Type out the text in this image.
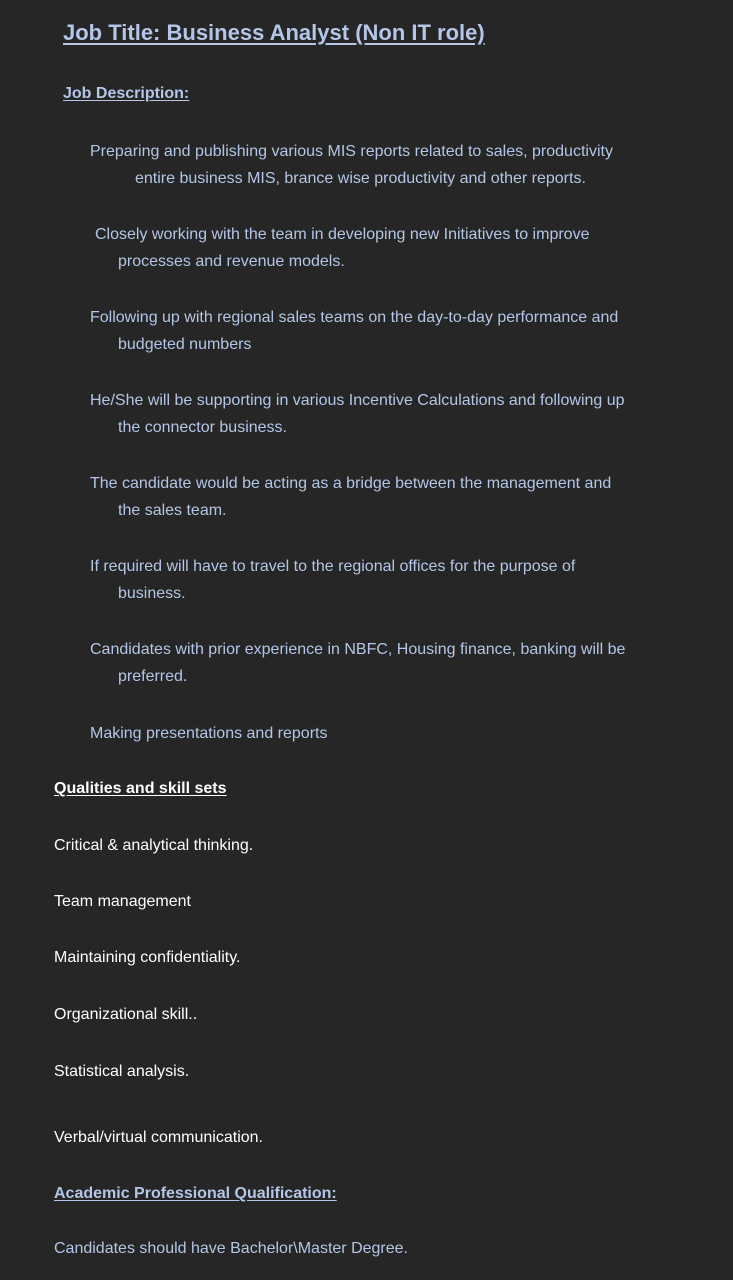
Job Title: Business Analyst (Non IT role)
Job Description:
Preparing and publishing various MIS reports related to sales, productivity
entire business MIS, brance wise productivity and other reports.
Closely working with the team in developing new Initiatives to improve
processes and revenue models.
Following up with regional sales teams on the day-to-day performance and
budgeted numbers
He/She will be supporting in various Incentive Calculations and following up
the connector business.
The candidate would be acting as a bridge between the management and
the sales team.
If required will have to travel to the regional offices for the purpose of
business.
Candidates with prior experience in NBFC, Housing finance, banking will be
preferred.
Making presentations and reports
Qualities and skill sets
Critical & analytical thinking.
Team management
Maintaining confidentiality.
Organizational skill..
Statistical analysis.
Verbal/virtual communication.
Academic Professional Qualification:
Candidates should have Bachelor\Master Degree.
